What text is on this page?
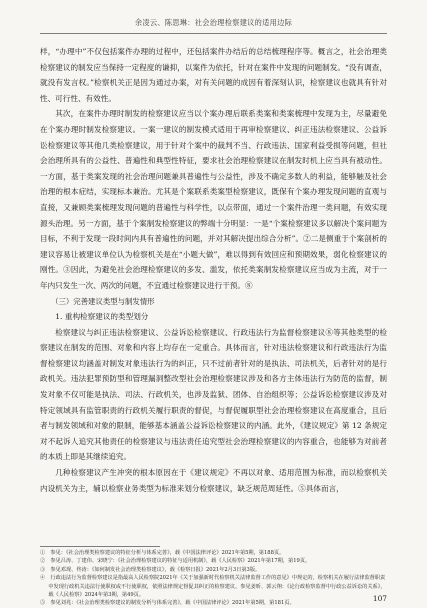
余凌云、陈思琳：社会治理检察建议的适用边际

样，“办理中”不仅包括案件办理的过程中，还包括案件办结后的总结梳理程序等。概言之，社会治理类检察建议的制发应当保持一定程度的谦抑，以案件为依托，针对在案件中发现的问题制发。“没有调查，就没有发言权。”检察机关正是因为通过办案，对有关问题的成因有着深刻认识，检察建议也就具有针对性、可行性、有效性。

其次，在案件办理时制发的检察建议应当以个案办理后联系类案和类案梳理中发现为主，尽量避免在个案办理时制发检察建议。一案一建议的制发模式适用于再审检察建议、纠正违法检察建议、公益诉讼检察建议等其他几类检察建议，用于针对个案中的裁判不当、行政违法、国家利益受损等问题，但社会治理所具有的公益性、普遍性和典型性特征，要求社会治理检察建议在制发时机上应当具有被动性。一方面，基于类案发现的社会治理问题兼具普遍性与公益性，涉及不确定多数人的利益，能够触及社会治理的根本症结，实现标本兼治。尤其是个案联系类案型检察建议，既保有个案办理发现问题的直观与直接，又兼顾类案梳理发现问题的普遍性与科学性，以点带面，通过一个案件治理一类问题，有效实现源头治理。另一方面，基于个案制发检察建议的弊端十分明显：一是“个案检察建议多以解决个案问题为目标，不利于发现一段时间内具有普遍性的问题，并对其解决提出综合分析”。②二是侧重于个案剖析的建议容易让被建议单位认为检察机关是在“小题大做”，难以得到有效回应和预期效果，弱化检察建议的刚性。③因此，为避免社会治理检察建议的多发、滥发，依托类案制发检察建议应当成为主流，对于一年内只发生一次、两次的问题，不宜通过检察建议进行干预。⑧

（三）完善建议类型与制发情形

1. 重构检察建议的类型划分

检察建议与纠正违法检察建议、公益诉讼检察建议、行政违法行为监督检察建议⑧等其他类型的检察建议在制发的范围、对象和内容上均存在一定重合。具体而言，针对违法检察建议和行政违法行为监督检察建议均涵盖对制发对象违法行为的纠正，只不过前者针对的是执法、司法机关，后者针对的是行政机关。违法犯罪预防型和管理漏洞整改型社会治理检察建议涉及和各方主体违法行为防范的监督，制发对象不仅可能是执法、司法、行政机关，也涉及监狱、团体、自治组织等；公益诉讼检察建议涉及对特定领域具有监管职责的行政机关履行职责的督促，与督促履职型社会治理检察建议在高度重合，且后者与制发领域和对象的限制，能够基本涵盖公益诉讼检察建议的内涵。此外，《建议规定》第 12 条规定对不起诉人追究其他责任的检察建议与违法责任追究型社会治理检察建议的内容重合，也能够为对前者的本质上即是其继续追究。

几种检察建议产生冲突的根本原因在于《建议规定》不再以对象、适用范围为标准，而以检察机关内设机关为主，辅以检察业务类型为标准来划分检察建议，缺乏规范周延性。⑤具体而言，

①　参见：《社会治理类检察建议的特征分析与体系完善》，载《中国法律评论》2021年第5期，第188页。

②　参见吕涛、丁建伟、宋晓宁：《社会治理检察建议的特征与适用机制》，载《人民检察》2021年第17期，第19页。

③　参见邓现、佟涛：《如何制发社会治理类检察建议》，载《检察日报》2021年2月3日第3版。

④　行政违法行为监督检察建议是指最高人民检察院2021年《关于加强新时代检察机关法律监督工作的意见》中规定的，检察机关在履行法律监督职责中发现行政机关违法行使职权或不行使职权，依照法律规定督促其纠正的检察建议。参见姜昕、郭云翔：《论行政检察监督中行政公益诉讼的关系》，载《人民检察》2024年第3期，第49页。

⑤　参见刘兆：《社会治理类检察建议的制发分析与体系完善》，载《中国法律评论》2021年第5期，第181页。

107
